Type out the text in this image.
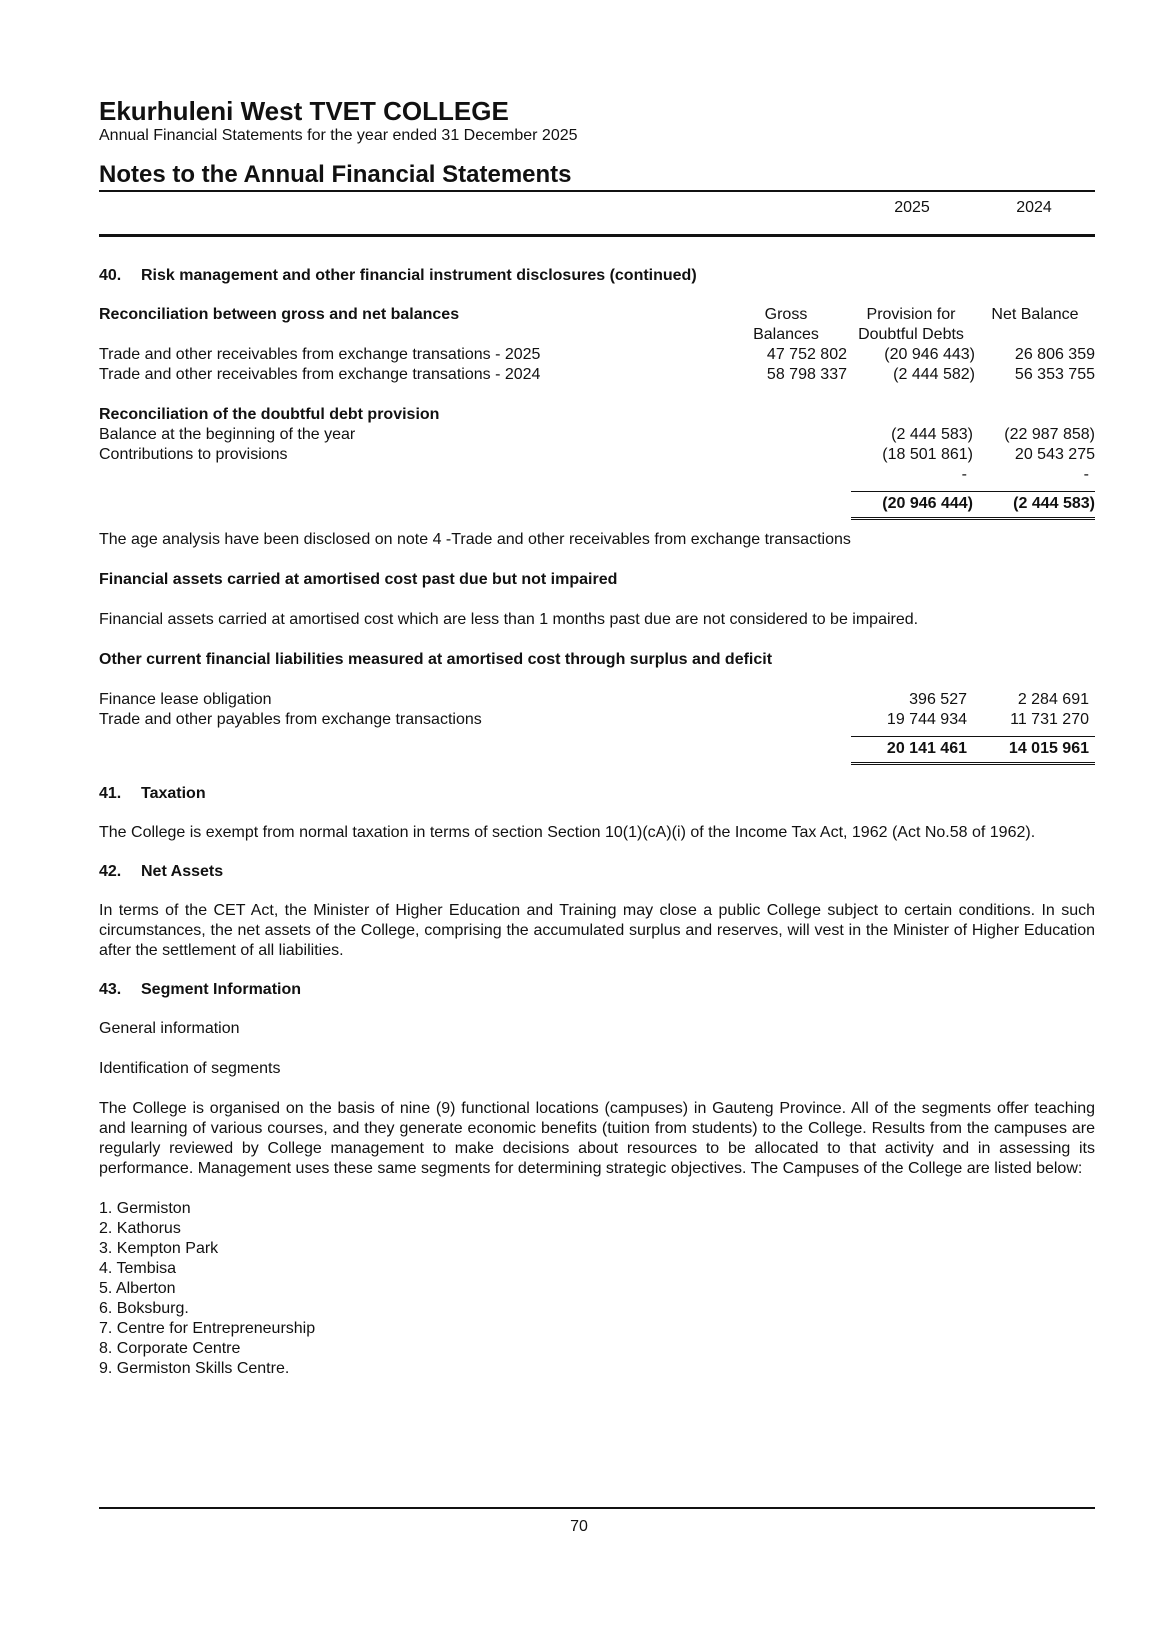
Ekurhuleni West TVET COLLEGE
Annual Financial Statements for the year ended 31 December 2025
Notes to the Annual Financial Statements
2025	2024
40. Risk management and other financial instrument disclosures (continued)
Reconciliation between gross and net balances	Gross	Provision for	Net Balance
Balances	Doubtful Debts
Trade and other receivables from exchange transations - 2025	47 752 802	(20 946 443)	26 806 359
Trade and other receivables from exchange transations - 2024	58 798 337	(2 444 582)	56 353 755
Reconciliation of the doubtful debt provision
Balance at the beginning of the year	(2 444 583)	(22 987 858)
Contributions to provisions	(18 501 861)	20 543 275
-	-
(20 946 444)	(2 444 583)
The age analysis have been disclosed on note 4 -Trade and other receivables from exchange transactions
Financial assets carried at amortised cost past due but not impaired
Financial assets carried at amortised cost which are less than 1 months past due are not considered to be impaired.
Other current financial liabilities measured at amortised cost through surplus and deficit
Finance lease obligation	396 527	2 284 691
Trade and other payables from exchange transactions	19 744 934	11 731 270
20 141 461	14 015 961
41. Taxation
The College is exempt from normal taxation in terms of section Section 10(1)(cA)(i) of the Income Tax Act, 1962 (Act No.58 of 1962).
42. Net Assets
In terms of the CET Act, the Minister of Higher Education and Training may close a public College subject to certain conditions. In such circumstances, the net assets of the College, comprising the accumulated surplus and reserves, will vest in the Minister of Higher Education after the settlement of all liabilities.
43. Segment Information
General information
Identification of segments
The College is organised on the basis of nine (9) functional locations (campuses) in Gauteng Province. All of the segments offer teaching and learning of various courses, and they generate economic benefits (tuition from students) to the College. Results from the campuses are regularly reviewed by College management to make decisions about resources to be allocated to that activity and in assessing its performance. Management uses these same segments for determining strategic objectives. The Campuses of the College are listed below:
1. Germiston
2. Kathorus
3. Kempton Park
4. Tembisa
5. Alberton
6. Boksburg.
7. Centre for Entrepreneurship
8. Corporate Centre
9. Germiston Skills Centre.
70
